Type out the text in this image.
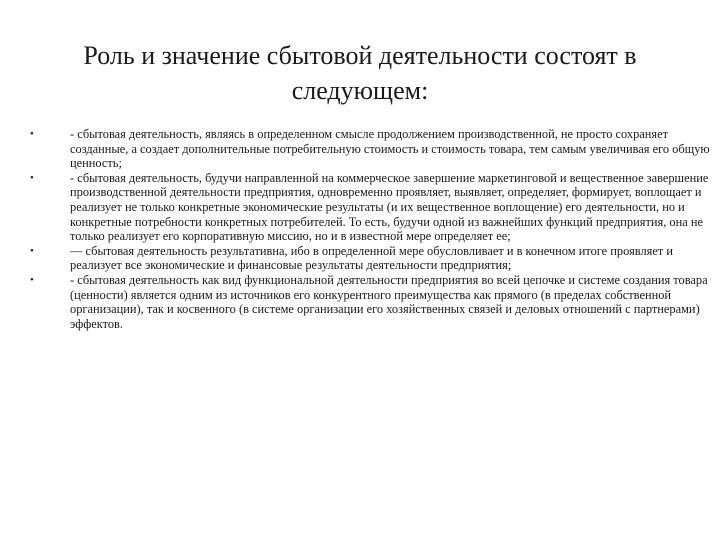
Роль и значение сбытовой деятельности состоят в следующем:
•	- сбытовая деятельность, являясь в определенном смысле продолжением производственной, не просто сохраняет созданные, а создает дополнительные потребительную стоимость и стоимость товара, тем самым увеличивая его общую ценность;
•	- сбытовая деятельность, будучи направленной на коммерческое завершение маркетинговой и вещественное завершение производственной деятельности предприятия, одновременно проявляет, выявляет, определяет, формирует, воплощает и реализует не только конкретные экономические результаты (и их вещественное воплощение) его деятельности, но и конкретные потребности конкретных потребителей. То есть, будучи одной из важнейших функций предприятия, она не только реализует его корпоративную миссию, но и в известной мере определяет ее;
•	— сбытовая деятельность результативна, ибо в определенной мере обусловливает и в конечном итоге проявляет и реализует все экономические и финансовые результаты деятельности предприятия;
•	- сбытовая деятельность как вид функциональной деятельности предприятия во всей цепочке и системе создания товара (ценности) является одним из источников его конкурентного преимущества как прямого (в пределах собственной организации), так и косвенного (в системе организации его хозяйственных связей и деловых отношений с партнерами) эффектов.
